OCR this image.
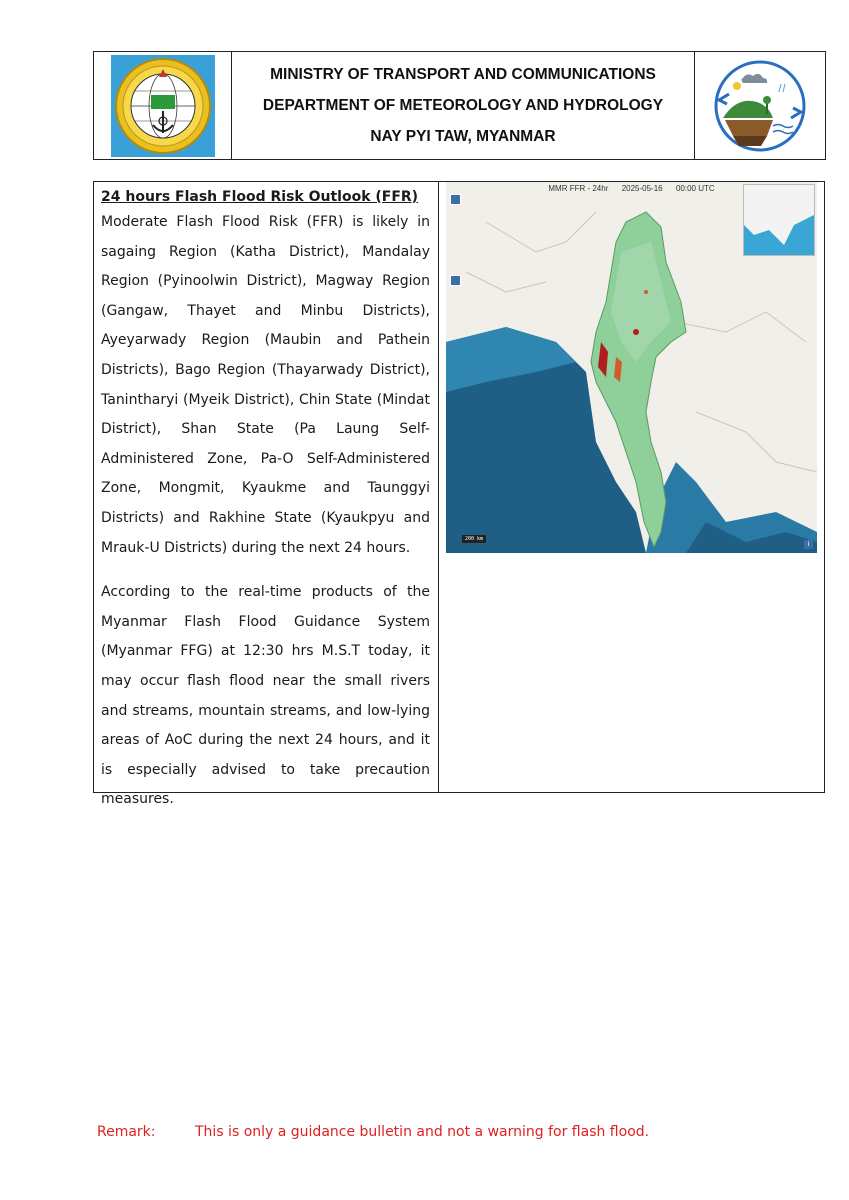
MINISTRY OF TRANSPORT AND COMMUNICATIONS
DEPARTMENT OF METEOROLOGY AND HYDROLOGY
NAY PYI TAW, MYANMAR

24 hours Flash Flood Risk Outlook (FFR)

Moderate Flash Flood Risk (FFR) is likely in sagaing Region (Katha District), Mandalay Region (Pyinoolwin District), Magway Region (Gangaw, Thayet and Minbu Districts), Ayeyarwady Region (Maubin and Pathein Districts), Bago Region (Thayarwady District), Tanintharyi (Myeik District), Chin State (Mindat District), Shan State (Pa Laung Self-Administered Zone, Pa-O Self-Administered Zone, Mongmit, Kyaukme and Taunggyi Districts) and Rakhine State (Kyaukpyu and Mrauk-U Districts) during the next 24 hours.

According to the real-time products of the Myanmar Flash Flood Guidance System (Myanmar FFG) at 12:30 hrs M.S.T today, it may occur flash flood near the small rivers and streams, mountain streams, and low-lying areas of AoC during the next 24 hours, and it is especially advised to take precaution measures.

MMR FFR - 24hr      2025-05-16      00:00 UTC
200 km
i
Remark:	This is only a guidance bulletin and not a warning for flash flood.
